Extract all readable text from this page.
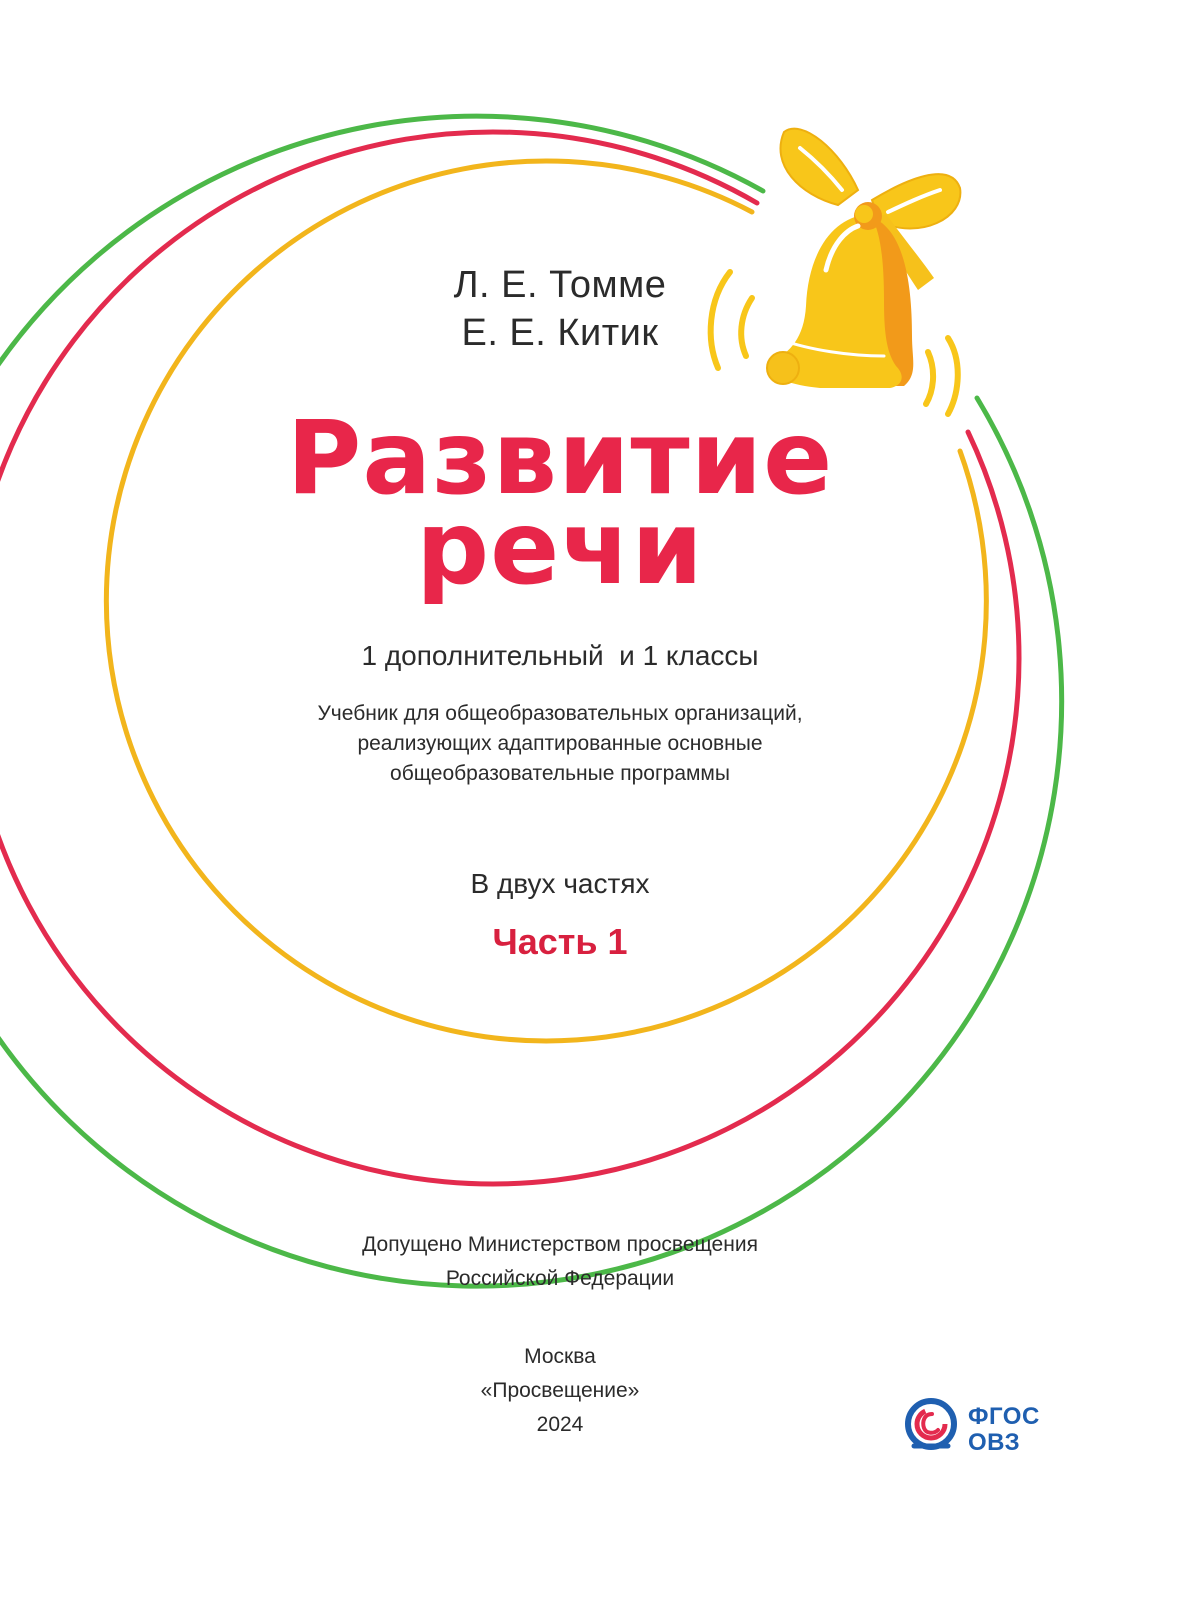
Л. Е. Томме

Е. Е. Китик

Развитие

речи

1 дополнительный  и 1 классы

Учебник для общеобразовательных организаций,

реализующих адаптированные основные

общеобразовательные программы

В двух частях

Часть 1

Допущено Министерством просвещения

Российской Федерации

Москва

«Просвещение»

2024	ФГОС
ОВЗ
